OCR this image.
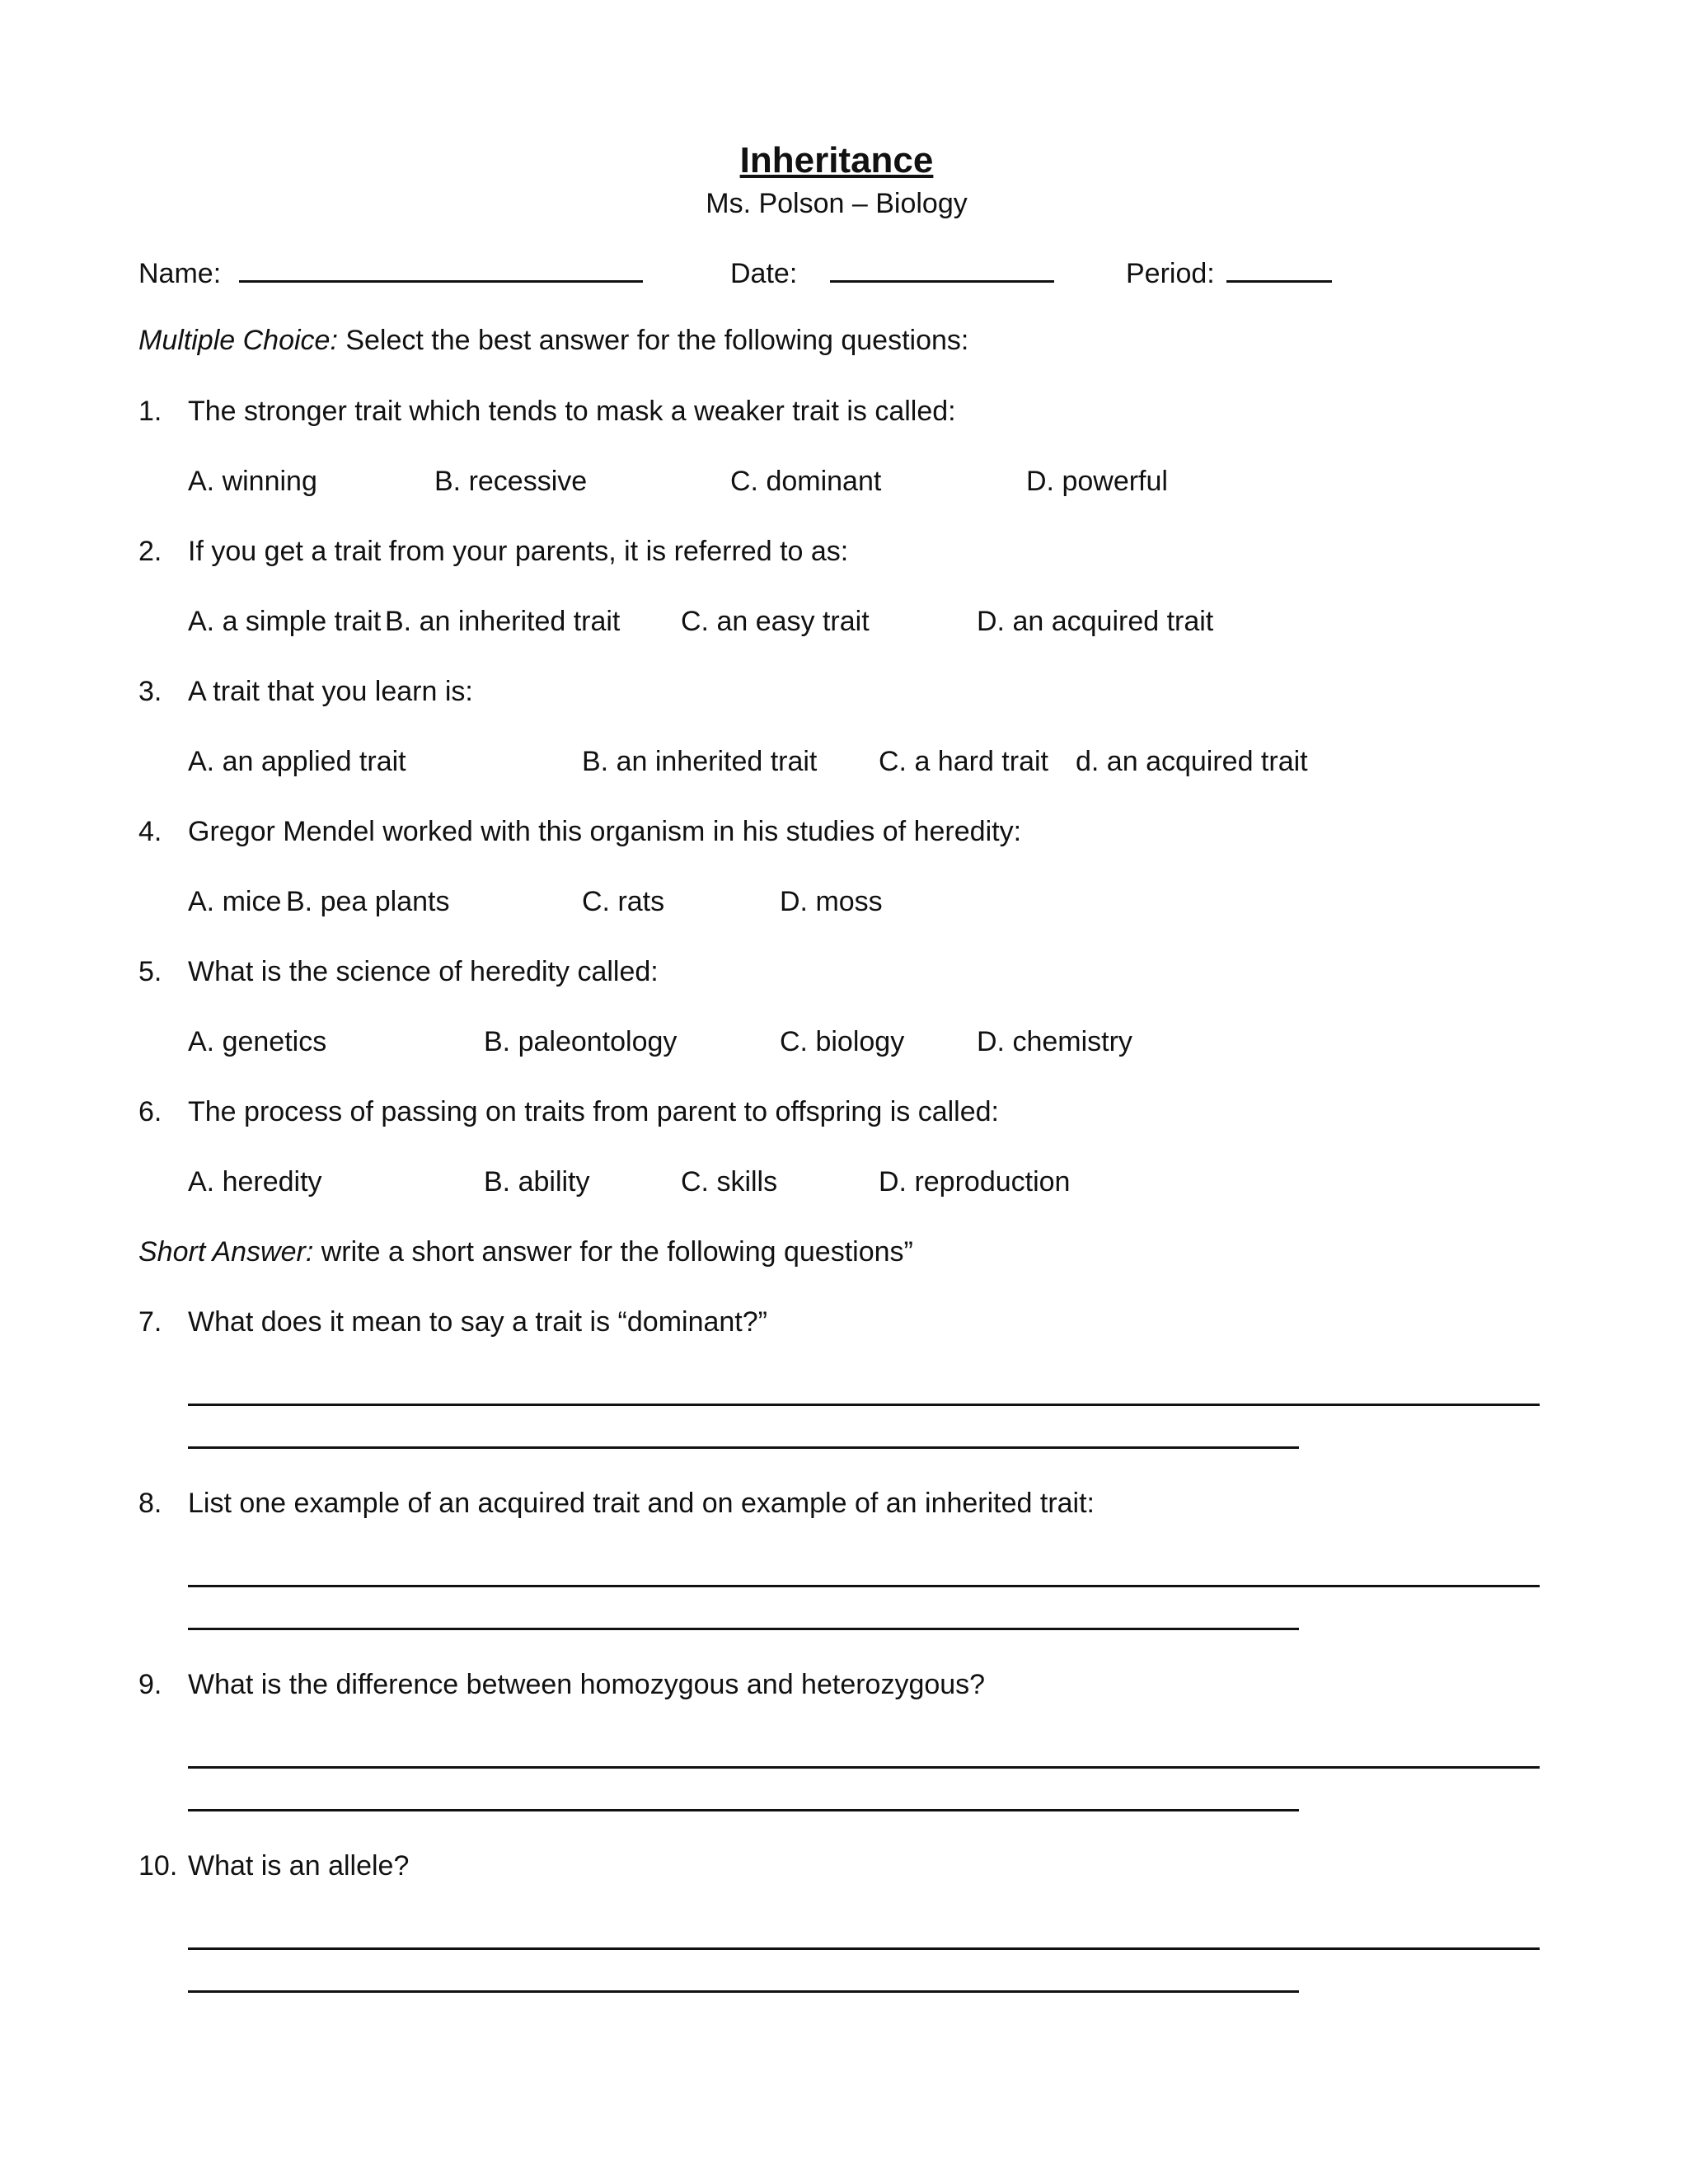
Inheritance
Ms. Polson – Biology
Name:	Date:	Period:
Multiple Choice: Select the best answer for the following questions:
1. The stronger trait which tends to mask a weaker trait is called:
A. winning	B. recessive	C. dominant	D. powerful
2. If you get a trait from your parents, it is referred to as:
A. a simple trait B. an inherited trait C. an easy trait	D. an acquired trait
3. A trait that you learn is:
A. an applied trait	B. an inherited trait C. a hard trait d. an acquired trait
4. Gregor Mendel worked with this organism in his studies of heredity:
A. mice B. pea plants	C. rats	D. moss
5. What is the science of heredity called:
A. genetics	B. paleontology	C. biology	D. chemistry
6. The process of passing on traits from parent to offspring is called:
A. heredity	B. ability	C. skills	D. reproduction
Short Answer: write a short answer for the following questions”
7. What does it mean to say a trait is “dominant?”
8. List one example of an acquired trait and on example of an inherited trait:
9. What is the difference between homozygous and heterozygous?
10. What is an allele?
